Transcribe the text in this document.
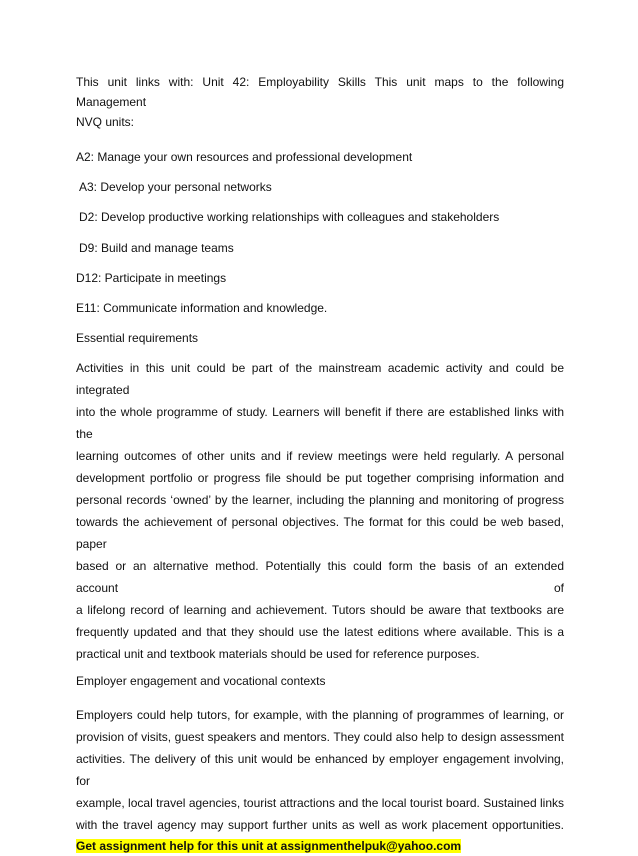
This unit links with: Unit 42: Employability Skills This unit maps to the following Management

NVQ units:

A2: Manage your own resources and professional development

A3: Develop your personal networks

D2: Develop productive working relationships with colleagues and stakeholders

D9: Build and manage teams

D12: Participate in meetings

E11: Communicate information and knowledge.

Essential requirements

Activities in this unit could be part of the mainstream academic activity and could be integrated

into the whole programme of study. Learners will benefit if there are established links with the

learning outcomes of other units and if review meetings were held regularly. A personal

development portfolio or progress file should be put together comprising information and

personal records ‘owned’ by the learner, including the planning and monitoring of progress

towards the achievement of personal objectives. The format for this could be web based, paper

based or an alternative method. Potentially this could form the basis of an extended account of

a lifelong record of learning and achievement. Tutors should be aware that textbooks are

frequently updated and that they should use the latest editions where available. This is a

practical unit and textbook materials should be used for reference purposes.

Employer engagement and vocational contexts

Employers could help tutors, for example, with the planning of programmes of learning, or

provision of visits, guest speakers and mentors. They could also help to design assessment

activities. The delivery of this unit would be enhanced by employer engagement involving, for

example, local travel agencies, tourist attractions and the local tourist board. Sustained links

with the travel agency may support further units as well as work placement opportunities.

Get assignment help for this unit at assignmenthelpuk@yahoo.com
